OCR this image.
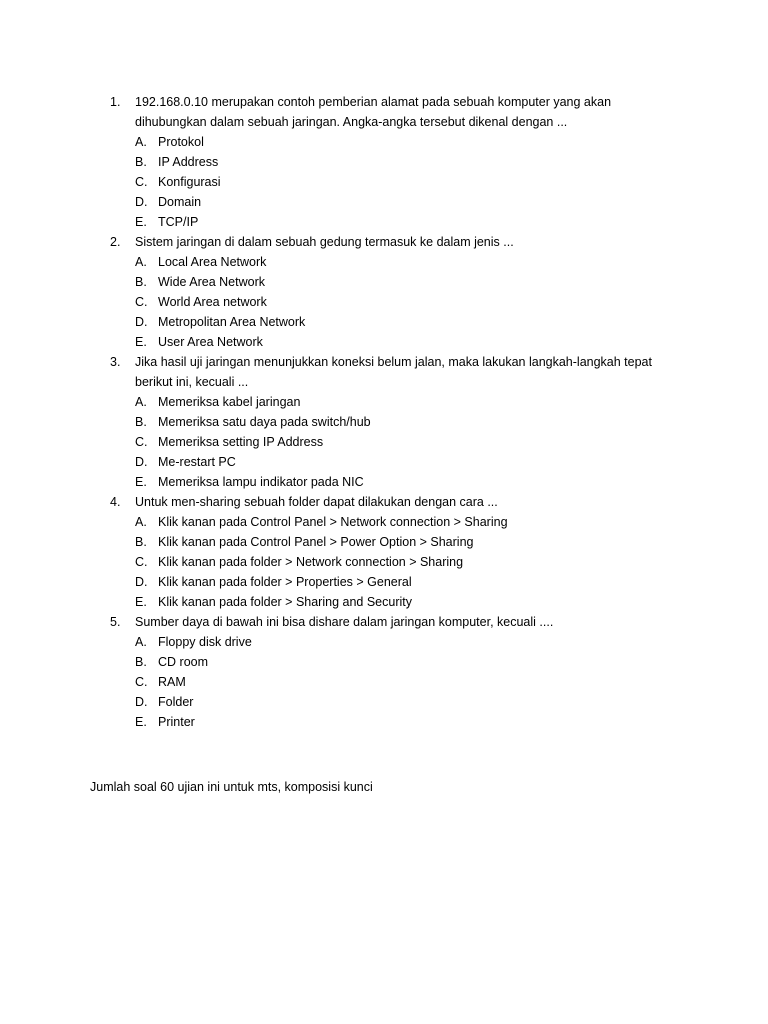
1.	192.168.0.10 merupakan contoh pemberian alamat pada sebuah komputer yang akan
dihubungkan dalam sebuah jaringan. Angka-angka tersebut dikenal dengan ...
A. Protokol
B. IP Address
C. Konfigurasi
D. Domain
E. TCP/IP
2.	Sistem jaringan di dalam sebuah gedung termasuk ke dalam jenis ...
A. Local Area Network
B. Wide Area Network
C. World Area network
D. Metropolitan Area Network
E. User Area Network
3.	Jika hasil uji jaringan menunjukkan koneksi belum jalan, maka lakukan langkah-langkah tepat
berikut ini, kecuali ...
A. Memeriksa kabel jaringan
B. Memeriksa satu daya pada switch/hub
C. Memeriksa setting IP Address
D. Me-restart PC
E. Memeriksa lampu indikator pada NIC
4.	Untuk men-sharing sebuah folder dapat dilakukan dengan cara ...
A. Klik kanan pada Control Panel > Network connection > Sharing
B. Klik kanan pada Control Panel > Power Option > Sharing
C. Klik kanan pada folder > Network connection > Sharing
D. Klik kanan pada folder > Properties > General
E. Klik kanan pada folder > Sharing and Security
5.	Sumber daya di bawah ini bisa dishare dalam jaringan komputer, kecuali ....
A. Floppy disk drive
B. CD room
C. RAM
D. Folder
E. Printer
Jumlah soal 60 ujian ini untuk mts, komposisi kunci
